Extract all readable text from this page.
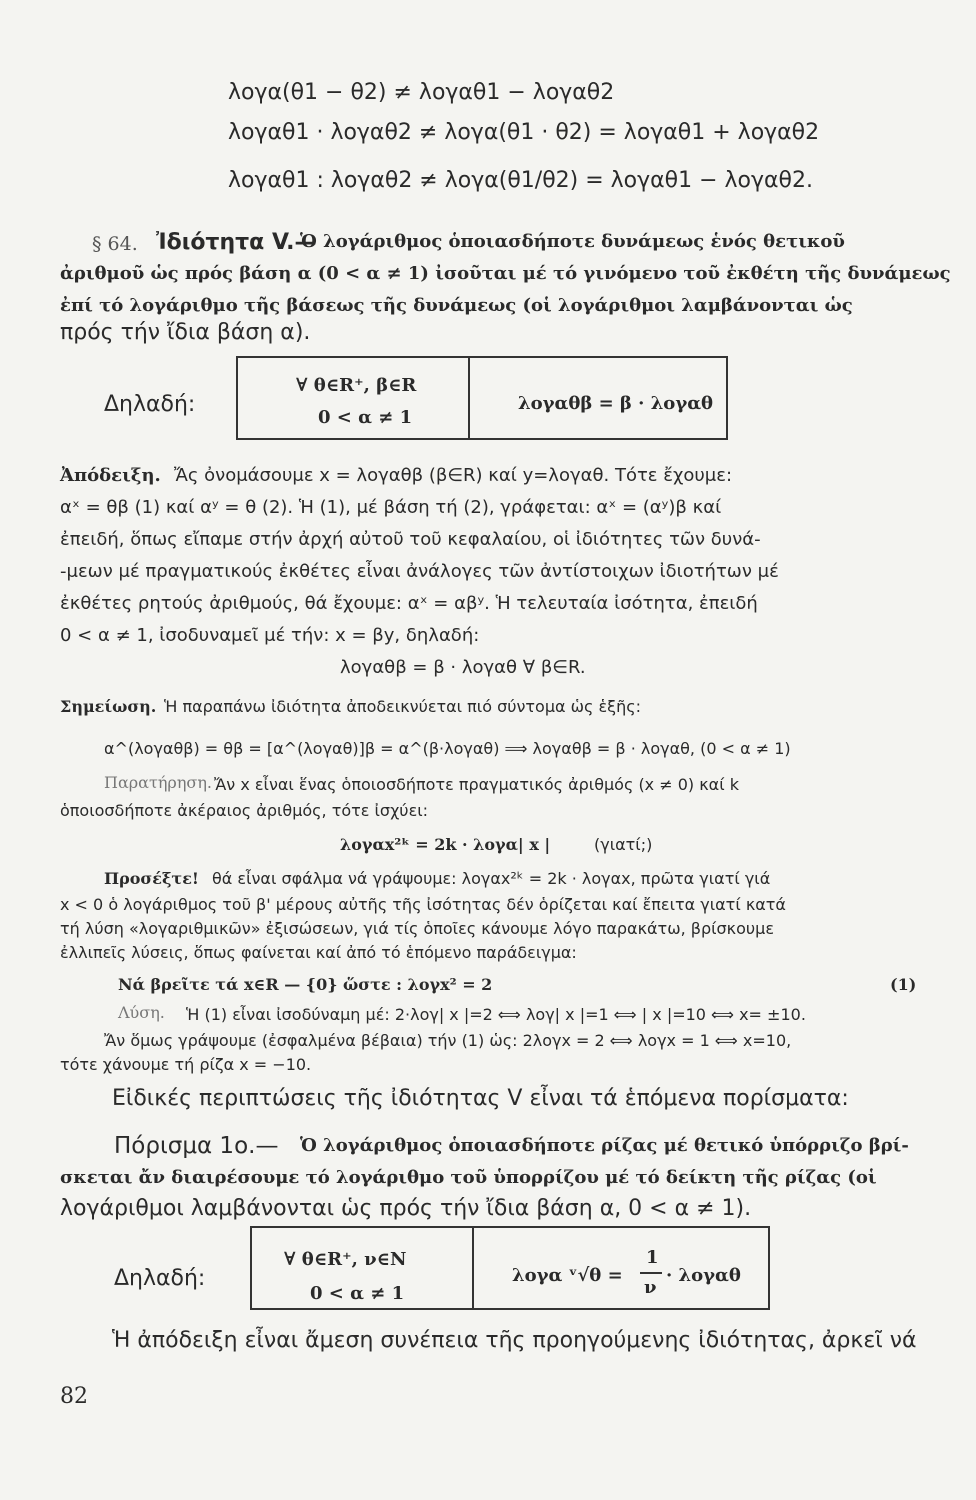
λογα(θ1 − θ2) ≠ λογαθ1 − λογαθ2
λογαθ1 · λογαθ2 ≠ λογα(θ1 · θ2) = λογαθ1 + λογαθ2
λογαθ1 : λογαθ2 ≠ λογα(θ1/θ2) = λογαθ1 − λογαθ2.
§ 64. Ἰδιότητα V.—
Ὁ λογάριθμος ὁποιασδήποτε δυνάμεως ἑνός θετικοῦ
ἀριθμοῦ ὡς πρός βάση α (0 < α ≠ 1) ἰσοῦται μέ τό γινόμενο τοῦ ἐκθέτη τῆς δυνάμεως
ἐπί τό λογάριθμο τῆς βάσεως τῆς δυνάμεως (οἱ λογάριθμοι λαμβάνονται ὡς
πρός τήν ἴδια βάση α).
Δηλαδή:
∀ θ∈R⁺, β∈R
0 < α ≠ 1
λογαθβ = β · λογαθ
Ἀπόδειξη. Ἄς ὀνομάσουμε x = λογαθβ (β∈R) καί y=λογαθ. Τότε ἔχουμε:
αˣ = θβ (1) καί αʸ = θ (2). Ἡ (1), μέ βάση τή (2), γράφεται: αˣ = (αʸ)β καί
ἐπειδή, ὅπως εἴπαμε στήν ἀρχή αὐτοῦ τοῦ κεφαλαίου, οἱ ἰδιότητες τῶν δυνά-
-μεων μέ πραγματικούς ἐκθέτες εἶναι ἀνάλογες τῶν ἀντίστοιχων ἰδιοτήτων μέ
ἐκθέτες ρητούς ἀριθμούς, θά ἔχουμε: αˣ = αβʸ. Ἡ τελευταία ἰσότητα, ἐπειδή
0 < α ≠ 1, ἰσοδυναμεῖ μέ τήν: x = βy, δηλαδή:
λογαθβ = β · λογαθ ∀ β∈R.
Σημείωση. Ἡ παραπάνω ἰδιότητα ἀποδεικνύεται πιό σύντομα ὡς ἑξῆς:
α^(λογαθβ) = θβ = [α^(λογαθ)]β = α^(β·λογαθ) ⟹ λογαθβ = β · λογαθ, (0 < α ≠ 1)
Παρατήρηση. Ἄν x εἶναι ἕνας ὁποιοσδήποτε πραγματικός ἀριθμός (x ≠ 0) καί k
ὁποιοσδήποτε ἀκέραιος ἀριθμός, τότε ἰσχύει:
λογαx²ᵏ = 2k · λογα| x |	(γιατί;)
Προσέξτε! θά εἶναι σφάλμα νά γράψουμε: λογαx²ᵏ = 2k · λογαx, πρῶτα γιατί γιά
x < 0 ὁ λογάριθμος τοῦ β' μέρους αὐτῆς τῆς ἰσότητας δέν ὁρίζεται καί ἔπειτα γιατί κατά
τή λύση «λογαριθμικῶν» ἐξισώσεων, γιά τίς ὁποῖες κάνουμε λόγο παρακάτω, βρίσκουμε
ἐλλιπεῖς λύσεις, ὅπως φαίνεται καί ἀπό τό ἑπόμενο παράδειγμα:
Νά βρεῖτε τά x∈R — {0} ὥστε : λογx² = 2	(1)
Λύση. Ἡ (1) εἶναι ἰσοδύναμη μέ: 2·λογ| x |=2 ⟺ λογ| x |=1 ⟺ | x |=10 ⟺ x= ±10.
Ἄν ὅμως γράψουμε (ἐσφαλμένα βέβαια) τήν (1) ὡς: 2λογx = 2 ⟺ λογx = 1 ⟺ x=10,
τότε χάνουμε τή ρίζα x = −10.
Εἰδικές περιπτώσεις τῆς ἰδιότητας V εἶναι τά ἑπόμενα πορίσματα:
Πόρισμα 1ο.— Ὁ λογάριθμος ὁποιασδήποτε ρίζας μέ θετικό ὑπόρριζο βρί-
σκεται ἄν διαιρέσουμε τό λογάριθμο τοῦ ὑπορρίζου μέ τό δείκτη τῆς ρίζας (οἱ
λογάριθμοι λαμβάνονται ὡς πρός τήν ἴδια βάση α, 0 < α ≠ 1).
Δηλαδή:
∀ θ∈R⁺, ν∈N
0 < α ≠ 1
λογα ᵛ√θ =
1
ν
· λογαθ
Ἡ ἀπόδειξη εἶναι ἄμεση συνέπεια τῆς προηγούμενης ἰδιότητας, ἀρκεῖ νά
82
